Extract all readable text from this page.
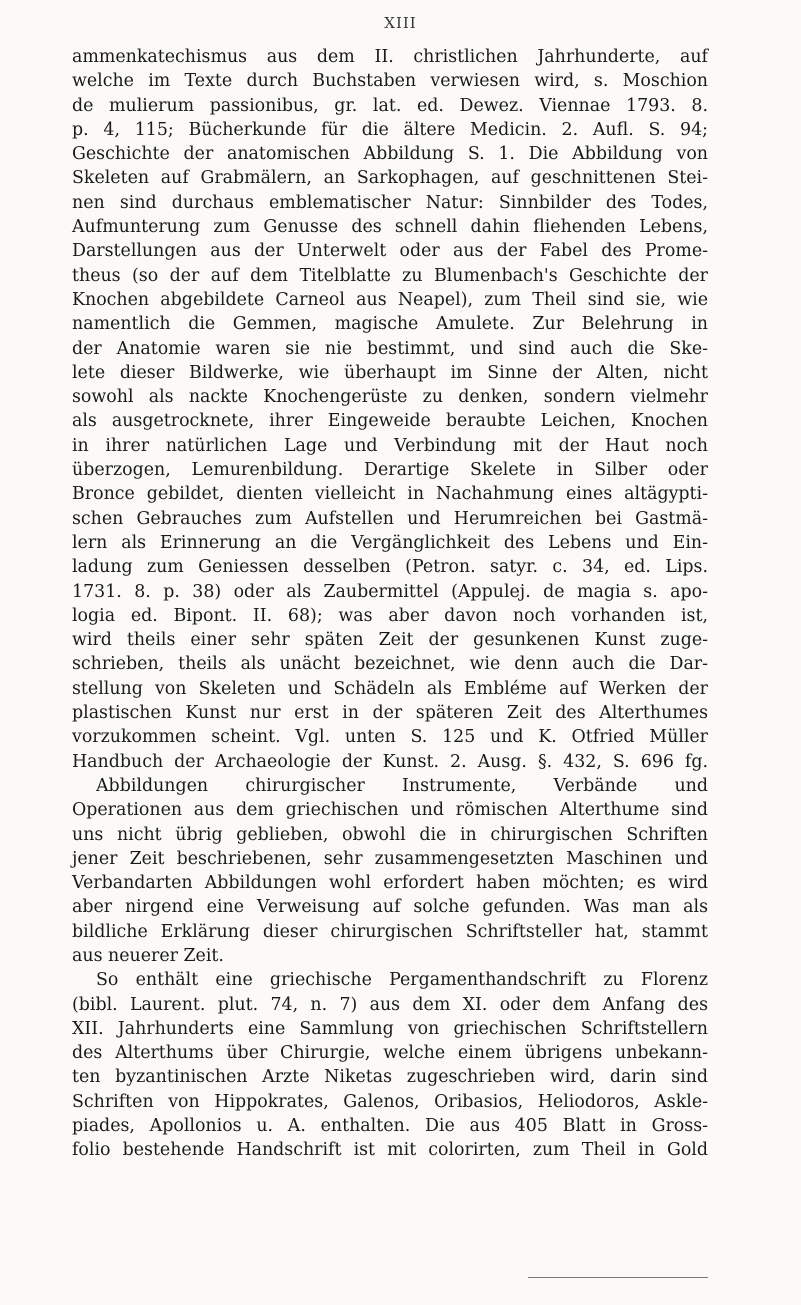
XIII
ammenkatechismus aus dem II. christlichen Jahrhunderte, auf
welche im Texte durch Buchstaben verwiesen wird, s. Moschion
de mulierum passionibus, gr. lat. ed. Dewez. Viennae 1793. 8.
p. 4, 115; Bücherkunde für die ältere Medicin. 2. Aufl. S. 94;
Geschichte der anatomischen Abbildung S. 1. Die Abbildung von
Skeleten auf Grabmälern, an Sarkophagen, auf geschnittenen Stei-
nen sind durchaus emblematischer Natur: Sinnbilder des Todes,
Aufmunterung zum Genusse des schnell dahin fliehenden Lebens,
Darstellungen aus der Unterwelt oder aus der Fabel des Prome-
theus (so der auf dem Titelblatte zu Blumenbach's Geschichte der
Knochen abgebildete Carneol aus Neapel), zum Theil sind sie, wie
namentlich die Gemmen, magische Amulete. Zur Belehrung in
der Anatomie waren sie nie bestimmt, und sind auch die Ske-
lete dieser Bildwerke, wie überhaupt im Sinne der Alten, nicht
sowohl als nackte Knochengerüste zu denken, sondern vielmehr
als ausgetrocknete, ihrer Eingeweide beraubte Leichen, Knochen
in ihrer natürlichen Lage und Verbindung mit der Haut noch
überzogen, Lemurenbildung. Derartige Skelete in Silber oder
Bronce gebildet, dienten vielleicht in Nachahmung eines altägypti-
schen Gebrauches zum Aufstellen und Herumreichen bei Gastmä-
lern als Erinnerung an die Vergänglichkeit des Lebens und Ein-
ladung zum Geniessen desselben (Petron. satyr. c. 34, ed. Lips.
1731. 8. p. 38) oder als Zaubermittel (Appulej. de magia s. apo-
logia ed. Bipont. II. 68); was aber davon noch vorhanden ist,
wird theils einer sehr späten Zeit der gesunkenen Kunst zuge-
schrieben, theils als unächt bezeichnet, wie denn auch die Dar-
stellung von Skeleten und Schädeln als Embléme auf Werken der
plastischen Kunst nur erst in der späteren Zeit des Alterthumes
vorzukommen scheint. Vgl. unten S. 125 und K. Otfried Müller
Handbuch der Archaeologie der Kunst. 2. Ausg. §. 432, S. 696 fg.
Abbildungen chirurgischer Instrumente, Verbände und
Operationen aus dem griechischen und römischen Alterthume sind
uns nicht übrig geblieben, obwohl die in chirurgischen Schriften
jener Zeit beschriebenen, sehr zusammengesetzten Maschinen und
Verbandarten Abbildungen wohl erfordert haben möchten; es wird
aber nirgend eine Verweisung auf solche gefunden. Was man als
bildliche Erklärung dieser chirurgischen Schriftsteller hat, stammt
aus neuerer Zeit.
So enthält eine griechische Pergamenthandschrift zu Florenz
(bibl. Laurent. plut. 74, n. 7) aus dem XI. oder dem Anfang des
XII. Jahrhunderts eine Sammlung von griechischen Schriftstellern
des Alterthums über Chirurgie, welche einem übrigens unbekann-
ten byzantinischen Arzte Niketas zugeschrieben wird, darin sind
Schriften von Hippokrates, Galenos, Oribasios, Heliodoros, Askle-
piades, Apollonios u. A. enthalten. Die aus 405 Blatt in Gross-
folio bestehende Handschrift ist mit colorirten, zum Theil in Gold
